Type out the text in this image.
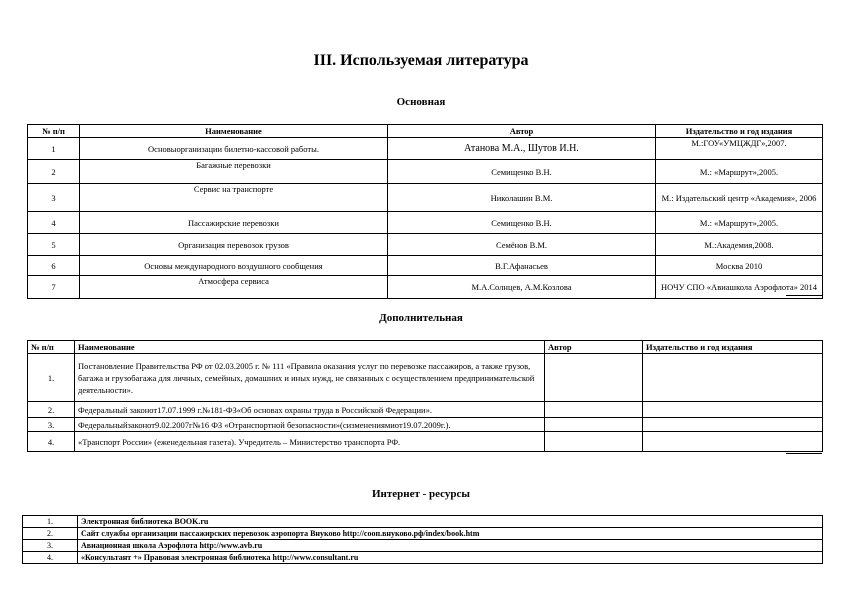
III. Используемая литература
Основная
№ п/п	Наименование	Автор	Издательство и год издания
1	Основыорганизации билетно-кассовой работы.	Атанова М.А., Шутов И.Н.	М.:ГОУ«УМЦЖДГ»,2007.
2	Багажные перевозки	Семищенко В.Н.	М.: «Маршрут»,2005.
3	Сервис на транспорте	Николашин В.М.	М.: Издательский центр «Академия», 2006
4	Пассажирские перевозки	Семищенко В.Н.	М.: «Маршрут»,2005.
5	Организация перевозок грузов	Семёнов В.М.	М.:Академия,2008.
6	Основы международного воздушного сообщения	В.Г.Афанасьев	Москва 2010
7	Атмосфера сервиса	М.А.Солнцев, А.М.Козлова	НОЧУ СПО «Авиашкола Аэрофлота» 2014
Дополнительная
№ п/п	Наименование	Автор	Издательство и год издания
1.	Постановление Правительства РФ от 02.03.2005 г. № 111 «Правила оказания услуг по перевозке пассажиров, а также грузов, багажа и грузобагажа для личных, семейных, домашних и иных нужд, не связанных с осуществлением предпринимательской деятельности».		
2.	Федеральный законот17.07.1999 г.№181-ФЗ«Об основах охраны труда в Российской Федерации».		
3.	Федеральныйзаконот9.02.2007г№16 ФЗ «Отранспортной безопасности»(сизменениямиот19.07.2009г.).		
4.	«Транспорт России» (еженедельная газета). Учредитель – Министерство транспорта РФ.		
Интернет - ресурсы
1.	Электронная библиотека BOOK.ru
2.	Сайт службы организации пассажирских перевозок аэропорта Внуково http://сооп.внуково.рф/index/book.htm
3.	Авиационная школа Аэрофлота http://www.avb.ru
4.	«Консультант +» Правовая электронная библиотека http://www.consultant.ru
